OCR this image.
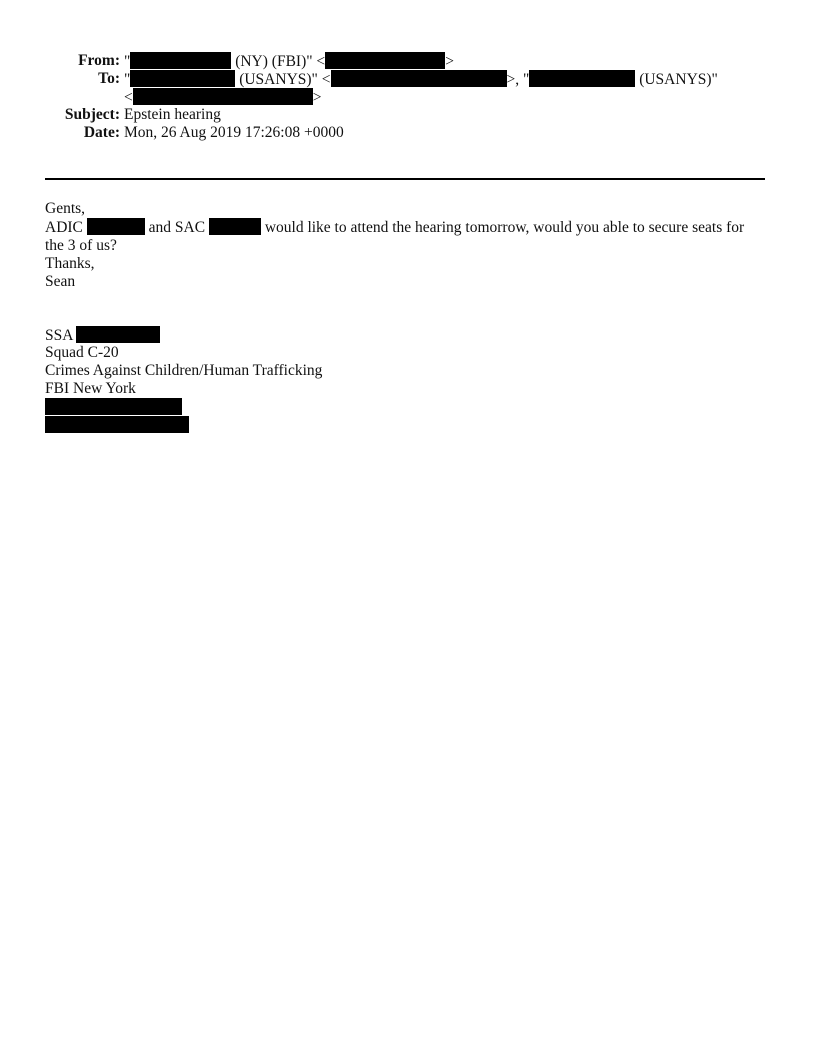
From: "	(NY) (FBI)" <	>
To: "	(USANYS)" <	>, "	(USANYS)"
<	>
Subject: Epstein hearing
Date: Mon, 26 Aug 2019 17:26:08 +0000

Gents,

ADIC	and SAC	would like to attend the hearing tomorrow, would you able to secure seats for

the 3 of us?

Thanks,

Sean

SSA
Squad C-20
Crimes Against Children/Human Trafficking
FBI New York
